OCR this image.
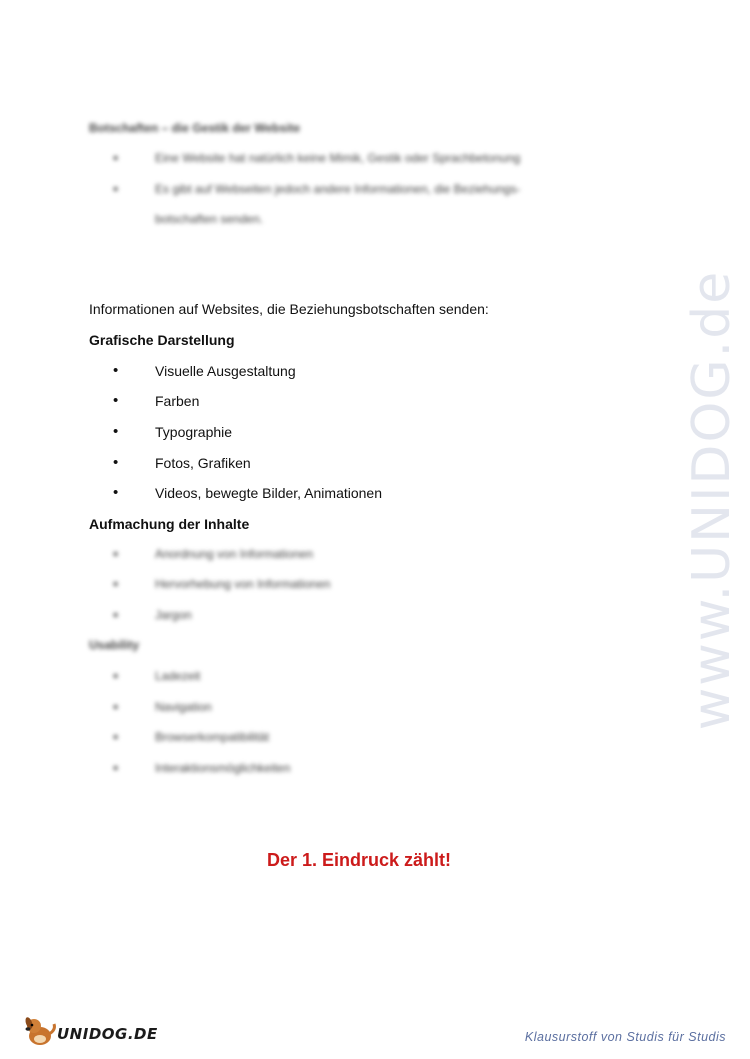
www.UNIDOG.de
Botschaften – die Gestik der Website
•	Eine Website hat natürlich keine Mimik, Gestik oder Sprachbetonung
•	Es gibt auf Webseiten jedoch andere Informationen, die Beziehungs-
botschaften senden.
Informationen auf Websites, die Beziehungsbotschaften senden:
Grafische Darstellung
•	Visuelle Ausgestaltung
•	Farben
•	Typographie
•	Fotos, Grafiken
•	Videos, bewegte Bilder, Animationen
Aufmachung der Inhalte
•	Anordnung von Informationen
•	Hervorhebung von Informationen
•	Jargon
Usability
•	Ladezeit
•	Navigation
•	Browserkompatibilität
•	Interaktionsmöglichkeiten
Der 1. Eindruck zählt!
UNIDOG.DE	Klausurstoff von Studis für Studis
